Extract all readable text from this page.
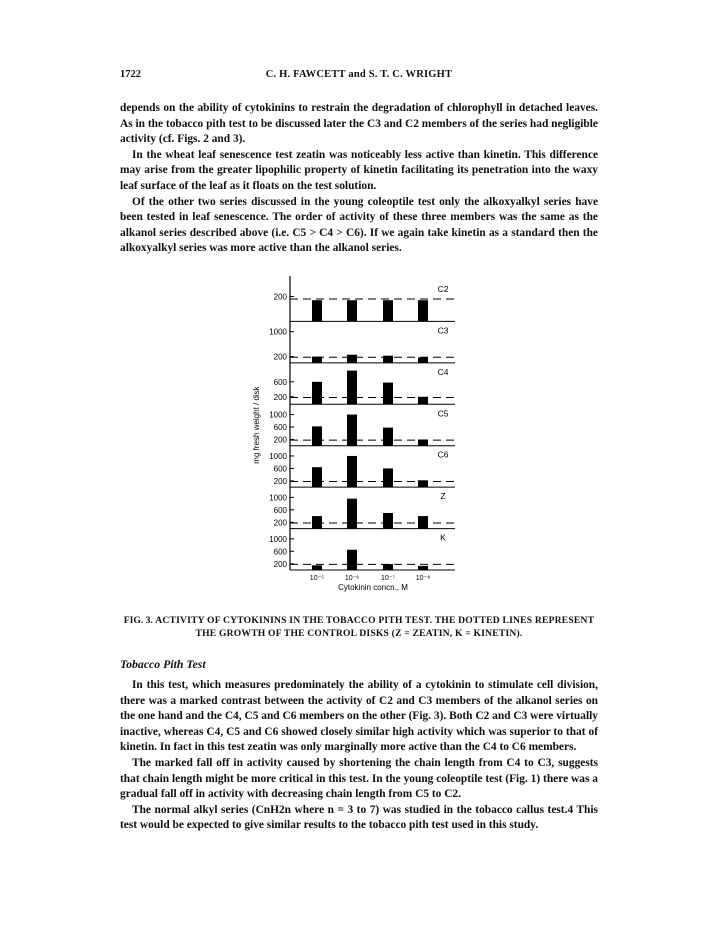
1722	C. H. FAWCETT and S. T. C. WRIGHT

depends on the ability of cytokinins to restrain the degradation of chlorophyll in detached leaves. As in the tobacco pith test to be discussed later the C3 and C2 members of the series had negligible activity (cf. Figs. 2 and 3).

In the wheat leaf senescence test zeatin was noticeably less active than kinetin. This difference may arise from the greater lipophilic property of kinetin facilitating its penetration into the waxy leaf surface of the leaf as it floats on the test solution.

Of the other two series discussed in the young coleoptile test only the alkoxyalkyl series have been tested in leaf senescence. The order of activity of these three members was the same as the alkanol series described above (i.e. C5 > C4 > C6). If we again take kinetin as a standard then the alkoxyalkyl series was more active than the alkanol series.

200
C2
200
1000	C3
600
200
C4
1000
600
200
C5
1000
600
200
C6
1000
600
200
Z
1000
600
200
K
10⁻⁵	10⁻⁶	10⁻⁷	10⁻⁸
Cytokinin concn., M
mg fresh weight / disk
FIG. 3. ACTIVITY OF CYTOKININS IN THE TOBACCO PITH TEST. THE DOTTED LINES REPRESENT THE GROWTH OF THE CONTROL DISKS (Z = ZEATIN, K = KINETIN).
Tobacco Pith Test

In this test, which measures predominately the ability of a cytokinin to stimulate cell division, there was a marked contrast between the activity of C2 and C3 members of the alkanol series on the one hand and the C4, C5 and C6 members on the other (Fig. 3). Both C2 and C3 were virtually inactive, whereas C4, C5 and C6 showed closely similar high activity which was superior to that of kinetin. In fact in this test zeatin was only marginally more active than the C4 to C6 members.

The marked fall off in activity caused by shortening the chain length from C4 to C3, suggests that chain length might be more critical in this test. In the young coleoptile test (Fig. 1) there was a gradual fall off in activity with decreasing chain length from C5 to C2.

The normal alkyl series (CnH2n where n = 3 to 7) was studied in the tobacco callus test.4 This test would be expected to give similar results to the tobacco pith test used in this study.
